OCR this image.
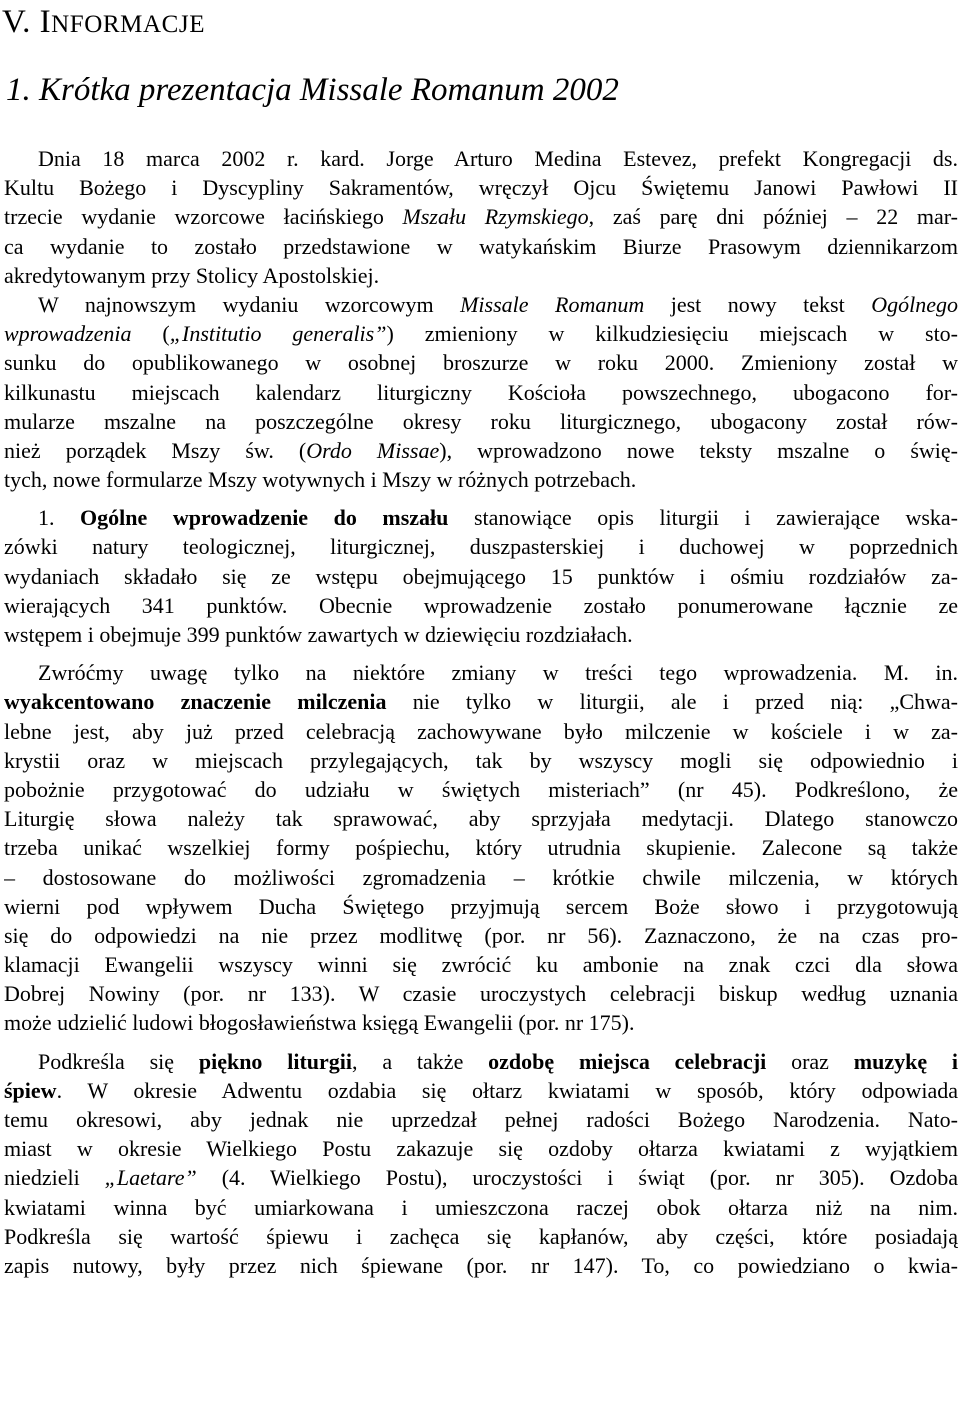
V. INFORMACJE
1. Krótka prezentacja Missale Romanum 2002
Dnia 18 marca 2002 r. kard. Jorge Arturo Medina Estevez, prefekt Kongregacji ds.
Kultu Bożego i Dyscypliny Sakramentów, wręczył Ojcu Świętemu Janowi Pawłowi II
trzecie wydanie wzorcowe łacińskiego Mszału Rzymskiego, zaś parę dni później – 22 mar-
ca wydanie to zostało przedstawione w watykańskim Biurze Prasowym dziennikarzom
akredytowanym przy Stolicy Apostolskiej.
W najnowszym wydaniu wzorcowym Missale Romanum jest nowy tekst Ogólnego
wprowadzenia („Institutio generalis”) zmieniony w kilkudziesięciu miejscach w sto-
sunku do opublikowanego w osobnej broszurze w roku 2000. Zmieniony został w
kilkunastu miejscach kalendarz liturgiczny Kościoła powszechnego, ubogacono for-
mularze mszalne na poszczególne okresy roku liturgicznego, ubogacony został rów-
nież porządek Mszy św. (Ordo Missae), wprowadzono nowe teksty mszalne o świę-
tych, nowe formularze Mszy wotywnych i Mszy w różnych potrzebach.
1. Ogólne wprowadzenie do mszału stanowiące opis liturgii i zawierające wska-
zówki natury teologicznej, liturgicznej, duszpasterskiej i duchowej w poprzednich
wydaniach składało się ze wstępu obejmującego 15 punktów i ośmiu rozdziałów za-
wierających 341 punktów. Obecnie wprowadzenie zostało ponumerowane łącznie ze
wstępem i obejmuje 399 punktów zawartych w dziewięciu rozdziałach.
Zwróćmy uwagę tylko na niektóre zmiany w treści tego wprowadzenia. M. in.
wyakcentowano znaczenie milczenia nie tylko w liturgii, ale i przed nią: „Chwa-
lebne jest, aby już przed celebracją zachowywane było milczenie w kościele i w za-
krystii oraz w miejscach przylegających, tak by wszyscy mogli się odpowiednio i
pobożnie przygotować do udziału w świętych misteriach” (nr 45). Podkreślono, że
Liturgię słowa należy tak sprawować, aby sprzyjała medytacji. Dlatego stanowczo
trzeba unikać wszelkiej formy pośpiechu, który utrudnia skupienie. Zalecone są także
– dostosowane do możliwości zgromadzenia – krótkie chwile milczenia, w których
wierni pod wpływem Ducha Świętego przyjmują sercem Boże słowo i przygotowują
się do odpowiedzi na nie przez modlitwę (por. nr 56). Zaznaczono, że na czas pro-
klamacji Ewangelii wszyscy winni się zwrócić ku ambonie na znak czci dla słowa
Dobrej Nowiny (por. nr 133). W czasie uroczystych celebracji biskup według uznania
może udzielić ludowi błogosławieństwa księgą Ewangelii (por. nr 175).
Podkreśla się piękno liturgii, a także ozdobę miejsca celebracji oraz muzykę i
śpiew. W okresie Adwentu ozdabia się ołtarz kwiatami w sposób, który odpowiada
temu okresowi, aby jednak nie uprzedzał pełnej radości Bożego Narodzenia. Nato-
miast w okresie Wielkiego Postu zakazuje się ozdoby ołtarza kwiatami z wyjątkiem
niedzieli „Laetare” (4. Wielkiego Postu), uroczystości i świąt (por. nr 305). Ozdoba
kwiatami winna być umiarkowana i umieszczona raczej obok ołtarza niż na nim.
Podkreśla się wartość śpiewu i zachęca się kapłanów, aby części, które posiadają
zapis nutowy, były przez nich śpiewane (por. nr 147). To, co powiedziano o kwia-
